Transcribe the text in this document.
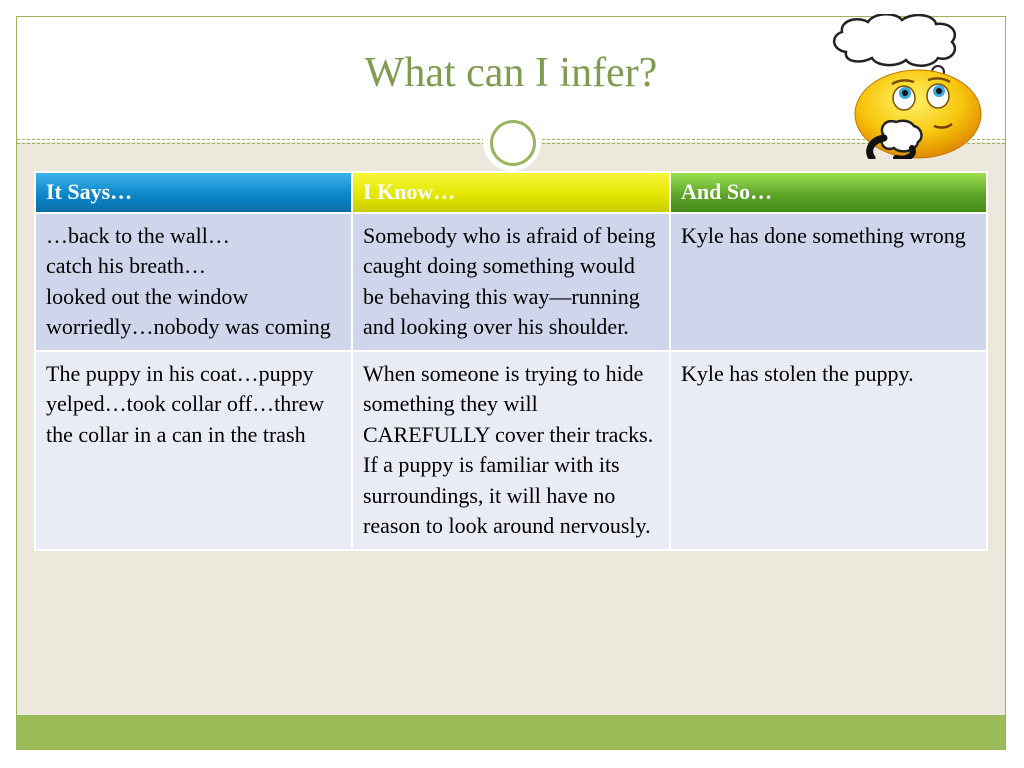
What can I infer?
It Says…	I Know…	And So…

…back to the wall…
catch his breath…
looked out the window worriedly…nobody was coming	Somebody who is afraid of being caught doing something would be behaving this way—running and looking over his shoulder.	Kyle has done something wrong

The puppy in his coat…puppy yelped…took collar off…threw the collar in a can in the trash	When someone is trying to hide something they will CAREFULLY cover their tracks.
If a puppy is familiar with its surroundings, it will have no reason to look around nervously.	Kyle has stolen the puppy.
